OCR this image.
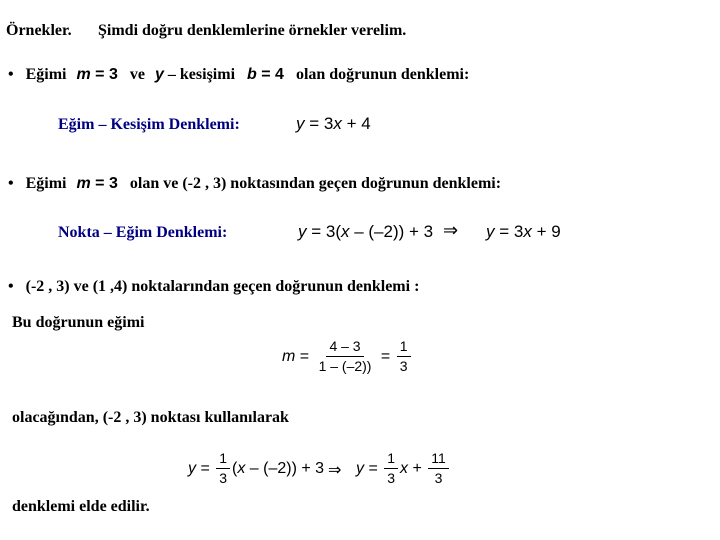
Örnekler. Şimdi doğru denklemlerine örnekler verelim.
• Eğimi m = 3 ve y – kesişimi b = 4 olan doğrunun denklemi:
Eğim – Kesişim Denklemi:	y = 3x + 4
• Eğimi m = 3 olan ve (-2 , 3) noktasından geçen doğrunun denklemi:
Nokta – Eğim Denklemi:	y = 3(x – (–2)) + 3 ⇒ y = 3x + 9
• (-2 , 3) ve (1 ,4) noktalarından geçen doğrunun denklemi :
Bu doğrunun eğimi
$m = \frac{4 - 3}{1 - (-2))} = \frac{1}{3}$
olacağından, (-2 , 3) noktası kullanılarak
$y = \frac{1}{3}$ ( x – (–2)) + 3 ⇒ $y = \frac{1}{3}$ $x + \frac{11}{3}$
denklemi elde edilir.
